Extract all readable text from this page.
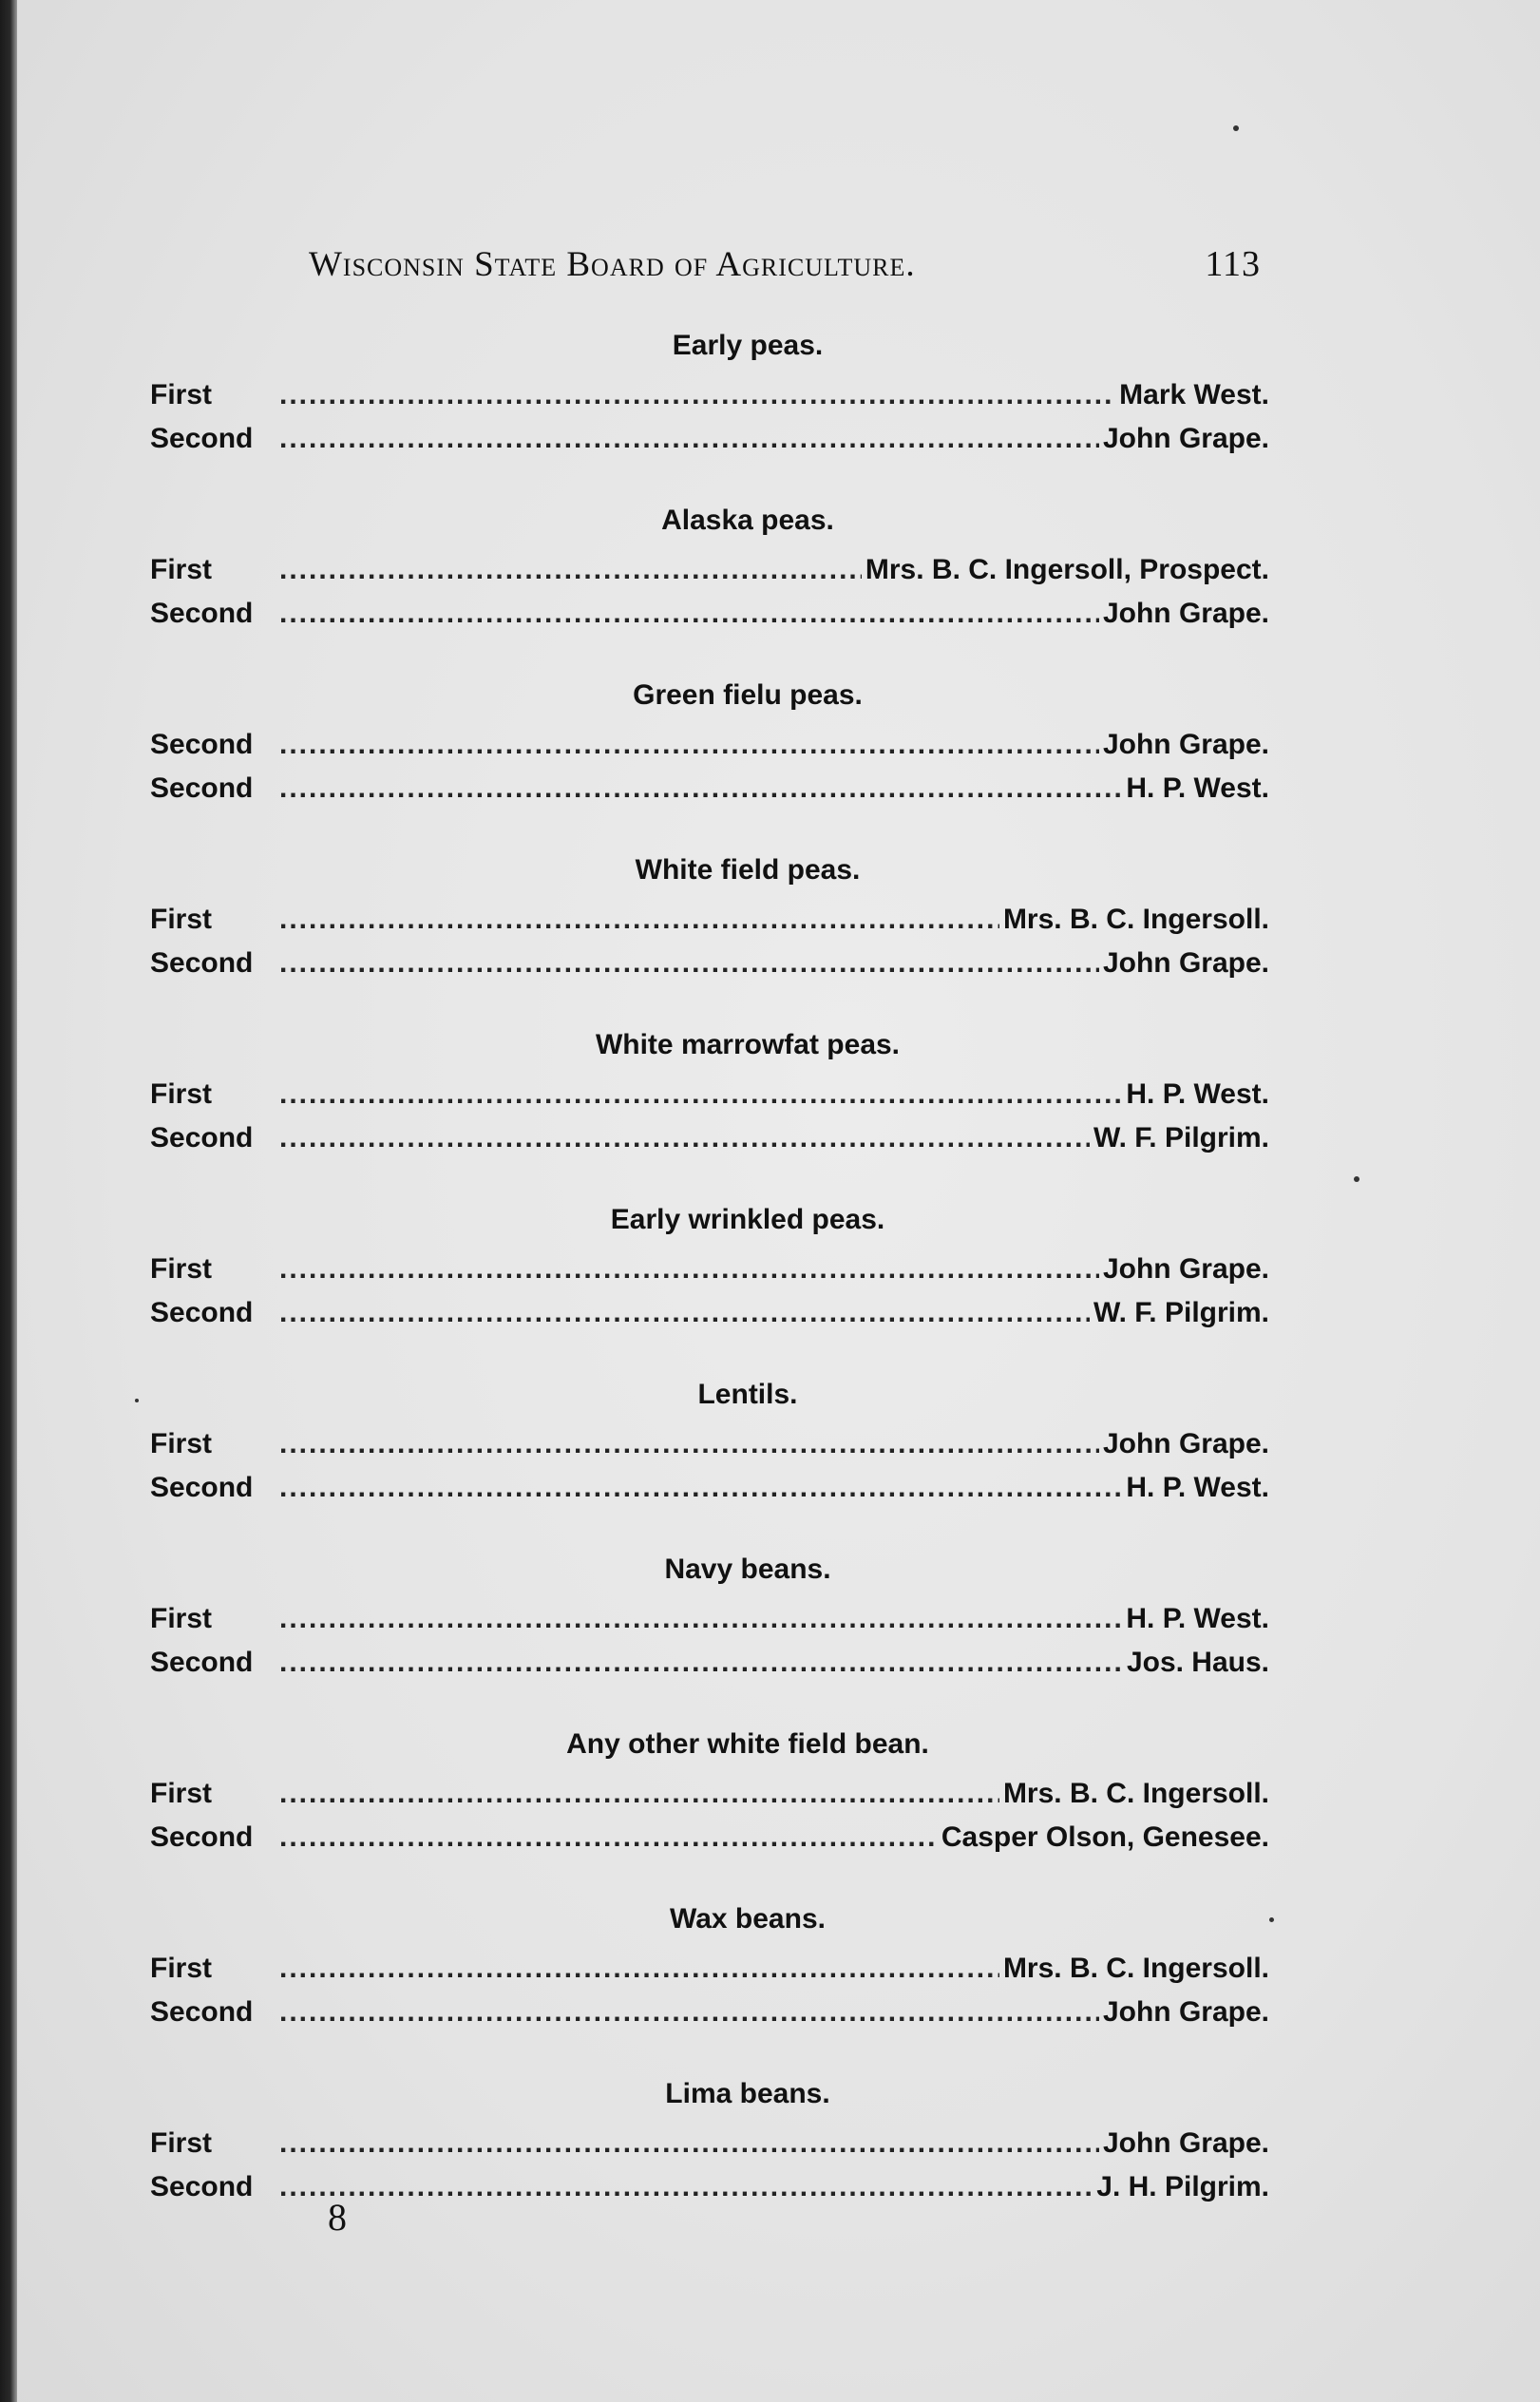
Wisconsin State Board of Agriculture.	113
Early peas.
First .....	Mark West.
Second .....	John Grape.
Alaska peas.
First .....	Mrs. B. C. Ingersoll, Prospect.
Second .....	John Grape.
Green fielu peas.
Second .....	John Grape.
Second .....	H. P. West.
White field peas.
First .....	Mrs. B. C. Ingersoll.
Second .....	John Grape.
White marrowfat peas.
First .....	H. P. West.
Second .....	W. F. Pilgrim.
Early wrinkled peas.
First .....	John Grape.
Second .....	W. F. Pilgrim.
Lentils.
First .....	John Grape.
Second .....	H. P. West.
Navy beans.
First .....	H. P. West.
Second .....	Jos. Haus.
Any other white field bean.
First .....	Mrs. B. C. Ingersoll.
Second .....	Casper Olson, Genesee.
Wax beans.
First .....	Mrs. B. C. Ingersoll.
Second .....	John Grape.
Lima beans.
First .....	John Grape.
Second .....	J. H. Pilgrim.
8
